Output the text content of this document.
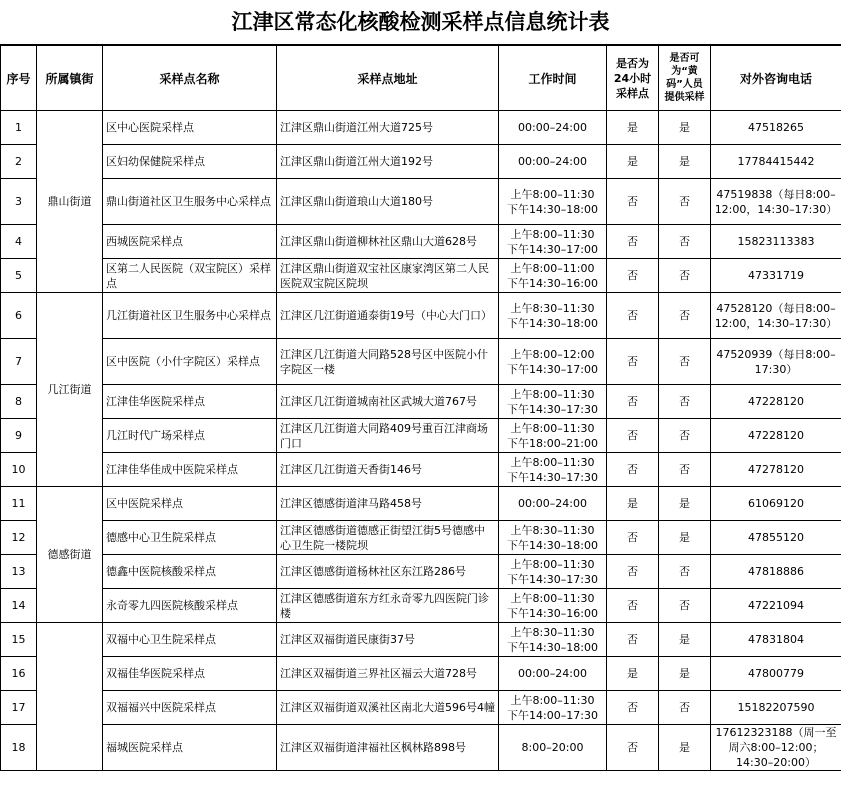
江津区常态化核酸检测采样点信息统计表
序号	所属镇街	采样点名称	采样点地址	工作时间	是否为24小时采样点	是否可为“黄码”人员提供采样	对外咨询电话
1	鼎山街道	区中心医院采样点	江津区鼎山街道江州大道725号	00:00–24:00	是	是	47518265
2		区妇幼保健院采样点	江津区鼎山街道江州大道192号	00:00–24:00	是	是	17784415442
3		鼎山街道社区卫生服务中心采样点	江津区鼎山街道琅山大道180号	上午8:00–11:30
下午14:30–18:00	否	否	47519838（每日8:00–12:00，14:30–17:30）
4		西城医院采样点	江津区鼎山街道柳林社区鼎山大道628号	上午8:00–11:30
下午14:30–17:00	否	否	15823113383
5		区第二人民医院（双宝院区）采样点	江津区鼎山街道双宝社区康家湾区第二人民医院双宝院区院坝	上午8:00–11:00
下午14:30–16:00	否	否	47331719
6	几江街道	几江街道社区卫生服务中心采样点	江津区几江街道通泰街19号（中心大门口）	上午8:30–11:30
下午14:30–18:00	否	否	47528120（每日8:00–12:00，14:30–17:30）
7		区中医院（小什字院区）采样点	江津区几江街道大同路528号区中医院小什字院区一楼	上午8:00–12:00
下午14:30–17:00	否	否	47520939（每日8:00–17:30）
8		江津佳华医院采样点	江津区几江街道城南社区武城大道767号	上午8:00–11:30
下午14:30–17:30	否	否	47228120
9		几江时代广场采样点	江津区几江街道大同路409号重百江津商场门口	上午8:00–11:30
下午18:00–21:00	否	否	47228120
10		江津佳华佳成中医院采样点	江津区几江街道天香街146号	上午8:00–11:30
下午14:30–17:30	否	否	47278120
11	德感街道	区中医院采样点	江津区德感街道津马路458号	00:00–24:00	是	是	61069120
12		德感中心卫生院采样点	江津区德感街道德感正街望江街5号德感中心卫生院一楼院坝	上午8:30–11:30
下午14:30–18:00	否	是	47855120
13		德鑫中医院核酸采样点	江津区德感街道杨林社区东江路286号	上午8:00–11:30
下午14:30–17:30	否	否	47818886
14		永奇零九四医院核酸采样点	江津区德感街道东方红永奇零九四医院门诊楼	上午8:00–11:30
下午14:30–16:00	否	否	47221094
15		双福中心卫生院采样点	江津区双福街道民康街37号	上午8:30–11:30
下午14:30–18:00	否	是	47831804
16		双福佳华医院采样点	江津区双福街道三界社区福云大道728号	00:00–24:00	是	是	47800779
17		双福福兴中医院采样点	江津区双福街道双溪社区南北大道596号4幢	上午8:00–11:30
下午14:00–17:30	否	否	15182207590
18		福城医院采样点	江津区双福街道津福社区枫林路898号	8:00–20:00	否	是	17612323188（周一至周六8:00–12:00；14:30–20:00）
